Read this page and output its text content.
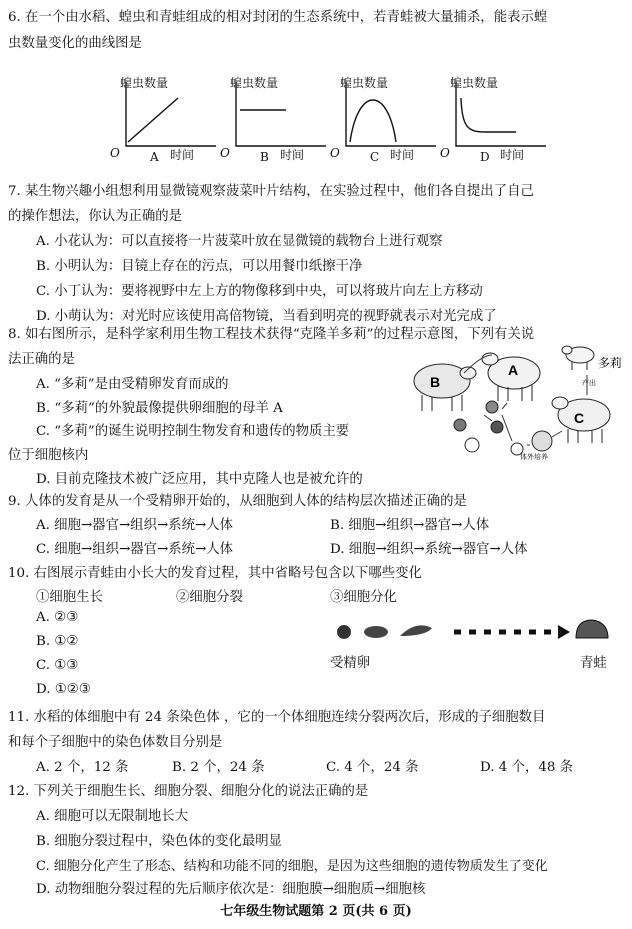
6. 在一个由水稻、蝗虫和青蛙组成的相对封闭的生态系统中，若青蛙被大量捕杀，能表示蝗
虫数量变化的曲线图是
蝗虫数量
O	A 时间
蝗虫数量
O	B 时间
蝗虫数量
O	C 时间
蝗虫数量
O	D 时间
7. 某生物兴趣小组想利用显微镜观察菠菜叶片结构，在实验过程中，他们各自提出了自己
的操作想法，你认为正确的是
A. 小花认为：可以直接将一片菠菜叶放在显微镜的载物台上进行观察
B. 小明认为：目镜上存在的污点，可以用餐巾纸擦干净
C. 小丁认为：要将视野中左上方的物像移到中央，可以将玻片向左上方移动
D. 小萌认为：对光时应该使用高倍物镜，当看到明亮的视野就表示对光完成了
8. 如右图所示，是科学家利用生物工程技术获得“克隆羊多莉”的过程示意图，下列有关说
法正确的是
A. “多莉”是由受精卵发育而成的
B. “多莉”的外貌最像提供卵细胞的母羊 A
C. “多莉”的诞生说明控制生物发育和遗传的物质主要
位于细胞核内
D. 目前克隆技术被广泛应用，其中克隆人也是被允许的
B
A
C
多莉
产出
体外培养
9. 人体的发育是从一个受精卵开始的，从细胞到人体的结构层次描述正确的是
A. 细胞→器官→组织→系统→人体	B. 细胞→组织→器官→人体
C. 细胞→组织→器官→系统→人体	D. 细胞→组织→系统→器官→人体
10. 右图展示青蛙由小长大的发育过程，其中省略号包含以下哪些变化
①细胞生长	②细胞分裂	③细胞分化
A. ②③
B. ①②
C. ①③
D. ①②③
受精卵	青蛙
11. 水稻的体细胞中有 24 条染色体 ，它的一个体细胞连续分裂两次后，形成的子细胞数目
和每个子细胞中的染色体数目分别是
A. 2 个，12 条	B. 2 个，24 条	C. 4 个，24 条	D. 4 个，48 条
12. 下列关于细胞生长、细胞分裂、细胞分化的说法正确的是
A. 细胞可以无限制地长大
B. 细胞分裂过程中，染色体的变化最明显
C. 细胞分化产生了形态、结构和功能不同的细胞，是因为这些细胞的遗传物质发生了变化
D. 动物细胞分裂过程的先后顺序依次是：细胞膜→细胞质→细胞核
七年级生物试题第 2 页(共 6 页)
